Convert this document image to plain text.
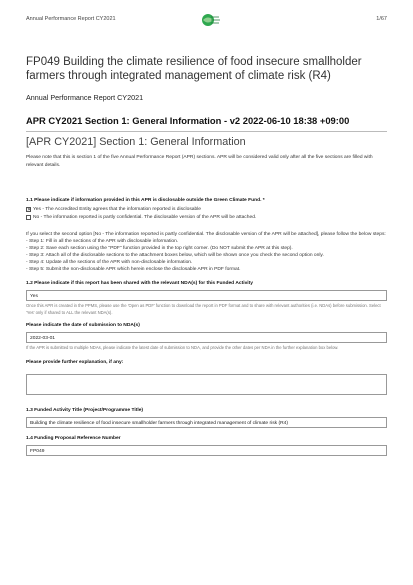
Annual Performance Report CY2021	1/67
FP049 Building the climate resilience of food insecure smallholder farmers through integrated management of climate risk (R4)
Annual Performance Report CY2021
APR CY2021 Section 1: General Information - v2 2022-06-10 18:38 +09:00
[APR CY2021] Section 1: General Information
Please note that this is section 1 of the five Annual Performance Report (APR) sections. APR will be considered valid only after all the five sections are filled with relevant details.
1.1 Please indicate if information provided in this APR is disclosable outside the Green Climate Fund. *
✕ Yes - The Accredited Entity agrees that the information reported is disclosable
No - The information reported is partly confidential. The disclosable version of the APR will be attached.
If you select the second option [No - The information reported is partly confidential. The disclosable version of the APR will be attached], please follow the below steps:
- Step 1: Fill in all the sections of the APR with disclosable information.
- Step 2: Save each section using the "PDF" function provided in the top right corner. (Do NOT submit the APR at this step).
- Step 3: Attach all of the disclosable sections to the attachment boxes below, which will be shown once you check the second option only.
- Step 4: Update all the sections of the APR with non-disclosable information.
- Step 5: Submit the non-disclosable APR which herein enclose the disclosable APR in PDF format.
1.2 Please indicate if this report has been shared with the relevant NDA(s) for this Funded Activity
Yes
Once this APR is created in the PPMS, please use the 'Open as PDF' function to download the report in PDF format and to share with relevant authorities (i.e. NDAs) before submission. Select 'Yes' only if shared to ALL the relevant NDA(s).
Please indicate the date of submission to NDA(s)
2022-03-01
If the APR is submitted to multiple NDAs, please indicate the latest date of submission to NDA, and provide the other dates per NDA in the further explanation box below.
Please provide further explanation, if any:
1.3 Funded Activity Title (Project/Programme Title)
Building the climate resilience of food insecure smallholder farmers through integrated management of climate risk (R4)
1.4 Funding Proposal Reference Number
FP049
